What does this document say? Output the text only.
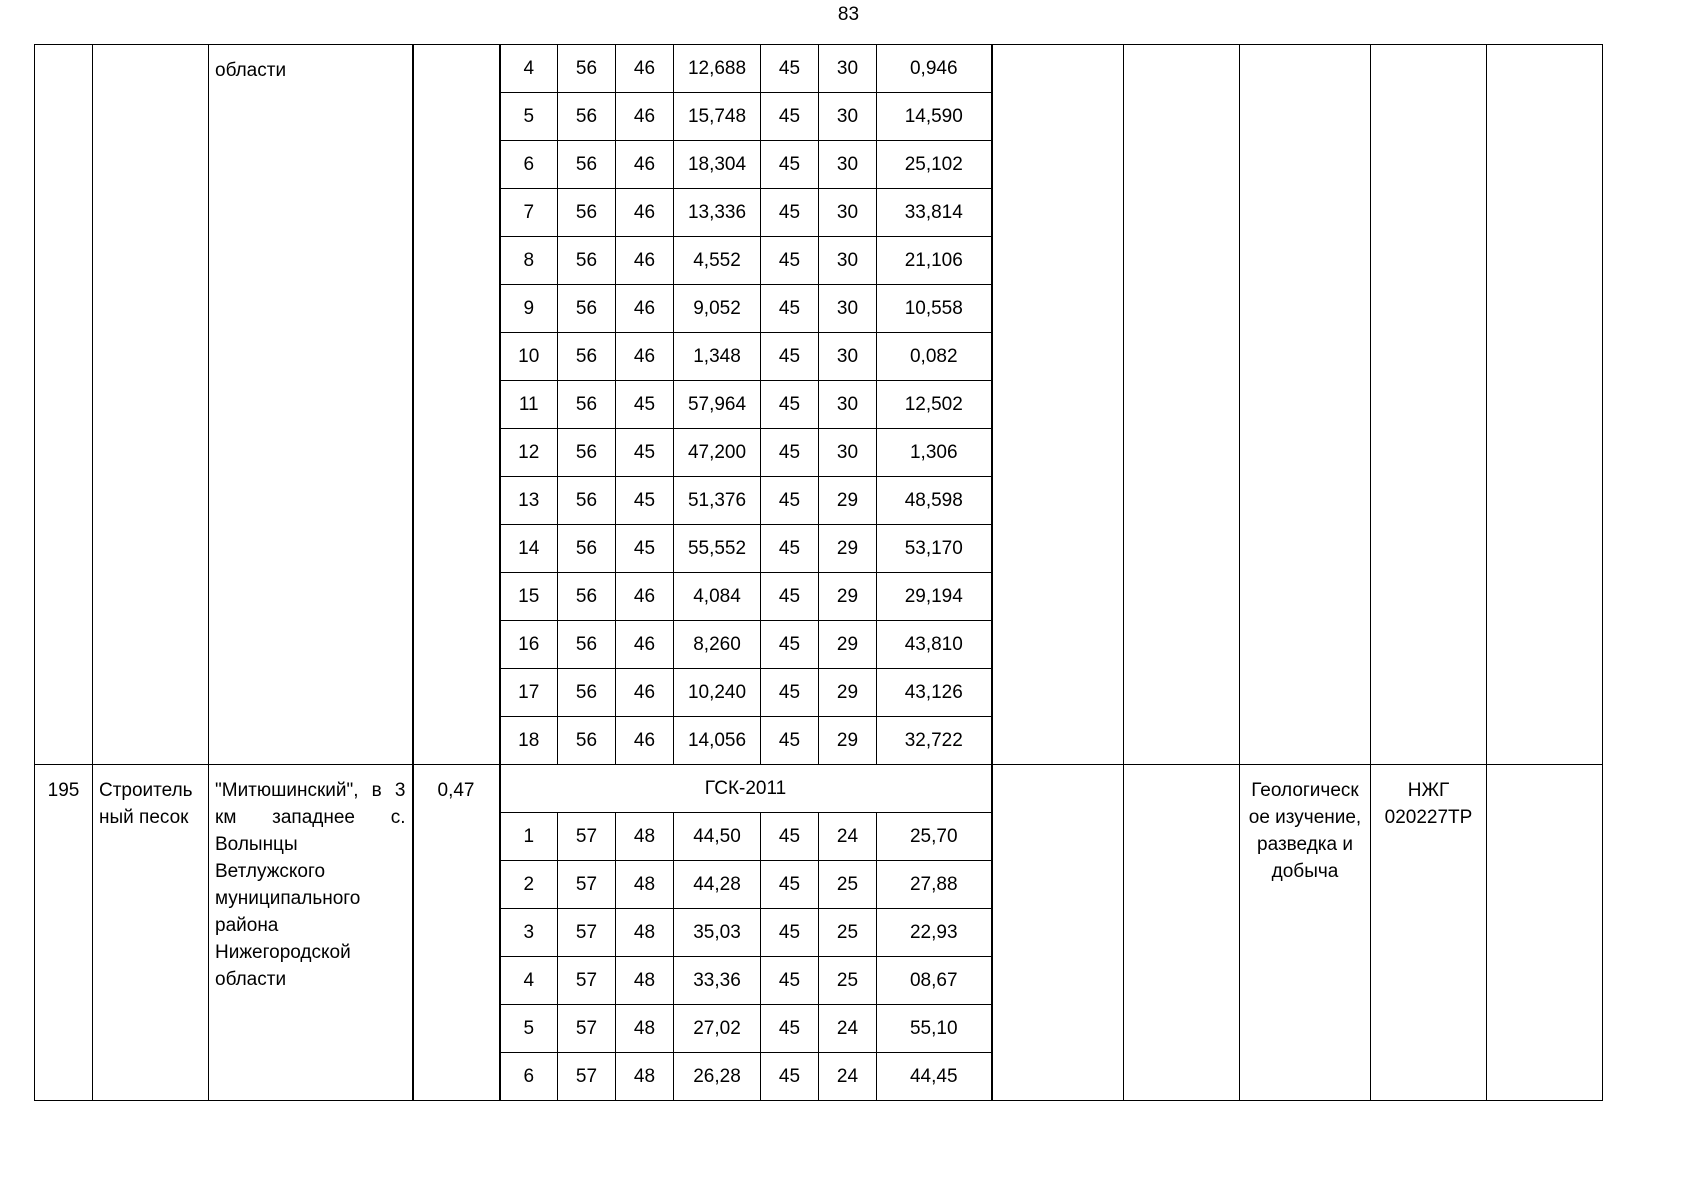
83

		области		4	56	46	12,688	45	30	0,946					

				5	56	46	15,748	45	30	14,590					

				6	56	46	18,304	45	30	25,102					

				7	56	46	13,336	45	30	33,814					

				8	56	46	4,552	45	30	21,106					

				9	56	46	9,052	45	30	10,558					

				10	56	46	1,348	45	30	0,082					

				11	56	45	57,964	45	30	12,502					

				12	56	45	47,200	45	30	1,306					

				13	56	45	51,376	45	29	48,598					

				14	56	45	55,552	45	29	53,170					

				15	56	46	4,084	45	29	29,194					

				16	56	46	8,260	45	29	43,810					

				17	56	46	10,240	45	29	43,126					

				18	56	46	14,056	45	29	32,722					

195	Строитель ный песок	"Митюшинский", в 3 км западнее с. Волынцы Ветлужского муниципального района Нижегородской области	0,47	ГСК-2011									Геологическ ое изучение, разведка и добыча	НЖГ 020227ТР	

				1	57	48	44,50	45	24	25,70					

				2	57	48	44,28	45	25	27,88					

				3	57	48	35,03	45	25	22,93					

				4	57	48	33,36	45	25	08,67					

				5	57	48	27,02	45	24	55,10					

				6	57	48	26,28	45	24	44,45					
